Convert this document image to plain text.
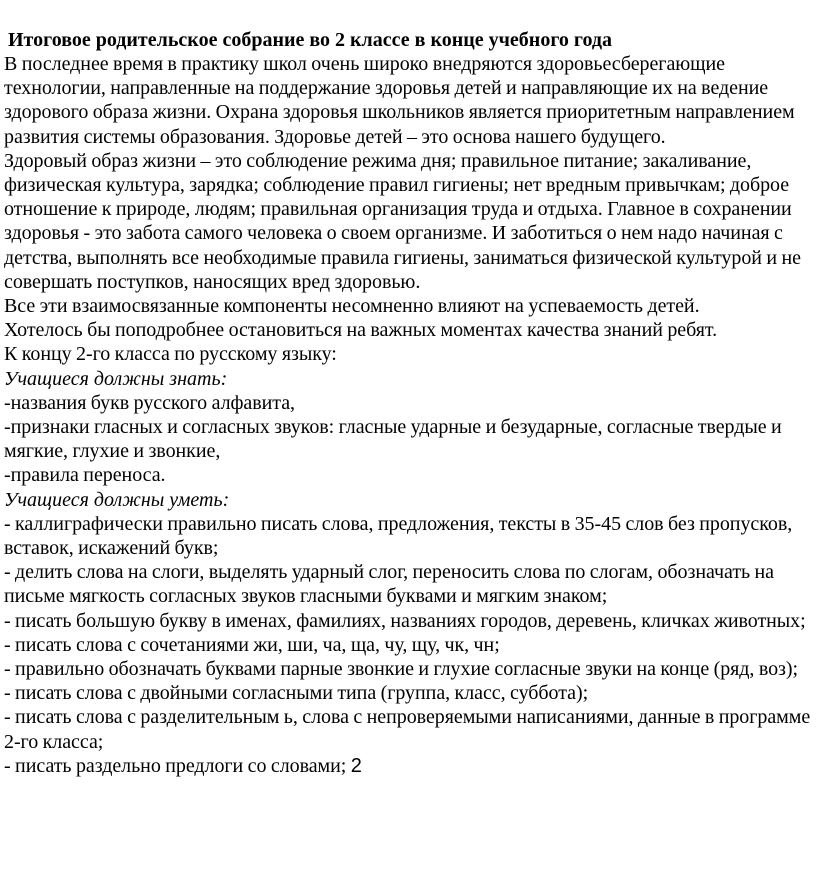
Итоговое родительское собрание во 2 классе в конце учебного года

В последнее время в практику школ очень широко внедряются здоровьесберегающие технологии, направленные на поддержание здоровья детей и направляющие их на ведение здорового образа жизни. Охрана здоровья школьников является приоритетным направлением развития системы образования. Здоровье детей – это основа нашего будущего.

Здоровый образ жизни – это соблюдение режима дня; правильное питание; закаливание, физическая культура, зарядка; соблюдение правил гигиены; нет вредным привычкам; доброе отношение к природе, людям; правильная организация труда и отдыха. Главное в сохранении здоровья - это забота самого человека о своем организме. И заботиться о нем надо начиная с детства, выполнять все необходимые правила гигиены, заниматься физической культурой и не совершать поступков, наносящих вред здоровью.

Все эти взаимосвязанные компоненты несомненно влияют на успеваемость детей.

Хотелось бы поподробнее остановиться на важных моментах качества знаний ребят.

К концу 2-го класса по русскому языку:

Учащиеся должны знать:

-названия букв русского алфавита,

-признаки гласных и согласных звуков: гласные ударные и безударные, согласные твердые и мягкие, глухие и звонкие,

-правила переноса.

Учащиеся должны уметь:

- каллиграфически правильно писать слова, предложения, тексты в 35-45 слов без пропусков, вставок, искажений букв;

- делить слова на слоги, выделять ударный слог, переносить слова по слогам, обозначать на письме мягкость согласных звуков гласными буквами и мягким знаком;

- писать большую букву в именах, фамилиях, названиях городов, деревень, кличках животных;

- писать слова с сочетаниями жи, ши, ча, ща, чу, щу, чк, чн;

- правильно обозначать буквами парные звонкие и глухие согласные звуки на конце (ряд, воз);

- писать слова с двойными согласными типа (группа, класс, суббота);

- писать слова с разделительным ь, слова с непроверяемыми написаниями, данные в программе 2-го класса;

- писать раздельно предлоги со словами; 2
